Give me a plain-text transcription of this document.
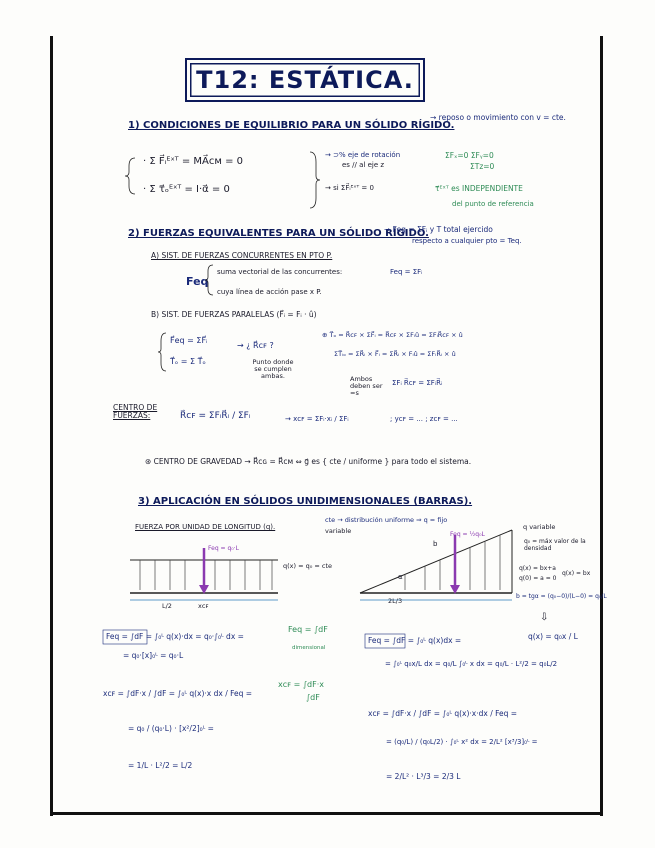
T12: ESTÁTICA.
1) CONDICIONES DE EQUILIBRIO PARA UN SÓLIDO RÍGIDO.
→ reposo o movimiento con v = cte.
· Σ F⃗ᵢᴱˣᵀ = MA⃗ᴄᴍ = 0
· Σ τ⃗ₒᴱˣᵀ = I·α⃗ = 0
→ ⊃% eje de rotación
es // al eje z
ΣFₓ=0 ΣFᵧ=0
ΣTz=0
→ si ΣF⃗ᵢᴱˣᵀ = 0	τ⃗ᴱˣᵀ es INDEPENDIENTE
del punto de referencia
2) FUERZAS EQUIVALENTES PARA UN SÓLIDO RÍGIDO.
→ Feq = ΣFᵢ y T total ejercido
respecto a cualquier pto = Teq.
A) SIST. DE FUERZAS CONCURRENTES EN PTO P.
Feq
suma vectorial de las concurrentes:	Feq = ΣFᵢ
cuya línea de acción pase x P.
B) SIST. DE FUERZAS PARALELAS (F⃗ᵢ = Fᵢ · û)
F⃗eq = ΣF⃗ᵢ
→ ¿ R⃗ᴄꜰ ?
T⃗ₒ = Σ T⃗ₒ	Punto donde se cumplen ambas.
⊕ T⃗ₒ = R⃗ᴄꜰ × ΣF⃗ᵢ = R⃗ᴄꜰ × ΣFᵢû = ΣFᵢR⃗ᴄꜰ × û
ΣT⃗ᵢₒ = ΣR⃗ᵢ × F⃗ᵢ = ΣR⃗ᵢ × Fᵢû = ΣFᵢR⃗ᵢ × û
Ambos deben ser =s
ΣFᵢ R⃗ᴄꜰ = ΣFᵢR⃗ᵢ
CENTRO DE FUERZAS:	R⃗ᴄꜰ = ΣFᵢR⃗ᵢ / ΣFᵢ	→ xᴄꜰ = ΣFᵢ·xᵢ / ΣFᵢ	; yᴄꜰ = ... ; zᴄꜰ = ...
⊛ CENTRO DE GRAVEDAD → R⃗ᴄɢ = R⃗ᴄᴍ ⇔ g⃗ es { cte / uniforme } para todo el sistema.
3) APLICACIÓN EN SÓLIDOS UNIDIMENSIONALES (BARRAS).
FUERZA POR UNIDAD DE LONGITUD (q).
cte → distribución uniforme ⇒ q = fijo
variable
Feq = q₀·L
q(x) = q₀ = cte
L/2	xᴄꜰ
Feq = ½q₀L
q variable
q₀ = máx valor de la densidad
q(x) = bx+a
q(0) = a = 0
q(x) = bx
b = tgα = (q₀−0)/(L−0) = q₀/L
2L/3
α
b
⇩
Feq = ∫dF = ∫₀ᴸ q(x)·dx = q₀·∫₀ᴸ dx =
= q₀·[x]₀ᴸ = q₀·L
Feq = ∫dF
dimensional
xᴄꜰ = ∫dF·x
∫dF
xᴄꜰ = ∫dF·x / ∫dF = ∫₀ᴸ q(x)·x dx / Feq =
= q₀ / (q₀·L) · [x²/2]₀ᴸ =
= 1/L · L²/2 = L/2
Feq = ∫dF = ∫₀ᴸ q(x)dx =	q(x) = q₀x / L
= ∫₀ᴸ q₀x/L dx = q₀/L ∫₀ᴸ x dx = q₀/L · L²/2 = q₀L/2
xᴄꜰ = ∫dF·x / ∫dF = ∫₀ᴸ q(x)·x·dx / Feq =
= (q₀/L) / (q₀L/2) · ∫₀ᴸ x² dx = 2/L² [x³/3]₀ᴸ =
= 2/L² · L³/3 = 2/3 L
